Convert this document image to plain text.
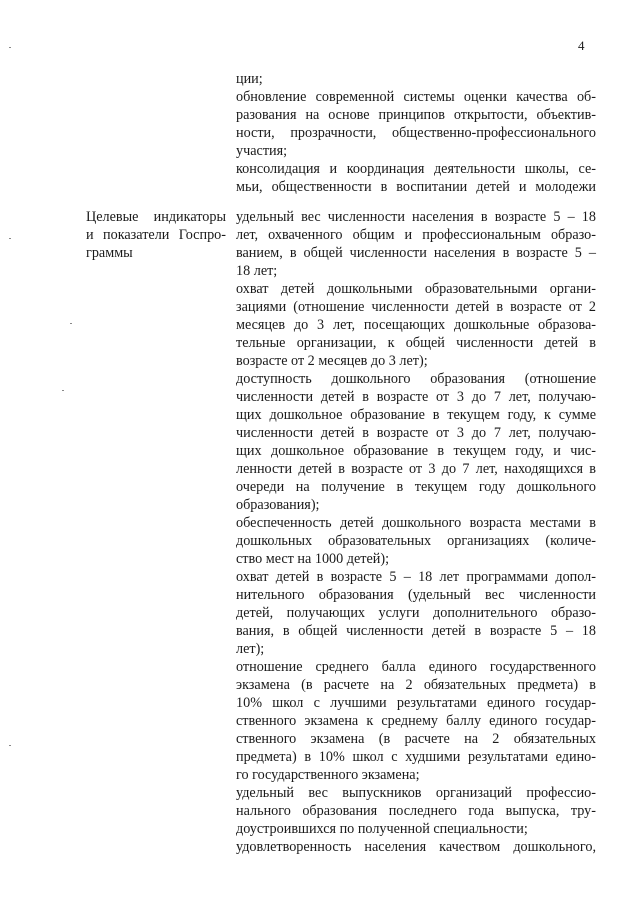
4
ции;
обновление современной системы оценки качества об-
разования на основе принципов открытости, объектив-
ности, прозрачности, общественно-профессионального
участия;
консолидация и координация деятельности школы, се-
мьи, общественности в воспитании детей и молодежи
Целевые индикаторы
и показатели Госпро-
граммы
удельный вес численности населения в возрасте 5 – 18
лет, охваченного общим и профессиональным образо-
ванием, в общей численности населения в возрасте 5 –
18 лет;
охват детей дошкольными образовательными органи-
зациями (отношение численности детей в возрасте от 2
месяцев до 3 лет, посещающих дошкольные образова-
тельные организации, к общей численности детей в
возрасте от 2 месяцев до 3 лет);
доступность дошкольного образования (отношение
численности детей в возрасте от 3 до 7 лет, получаю-
щих дошкольное образование в текущем году, к сумме
численности детей в возрасте от 3 до 7 лет, получаю-
щих дошкольное образование в текущем году, и чис-
ленности детей в возрасте от 3 до 7 лет, находящихся в
очереди на получение в текущем году дошкольного
образования);
обеспеченность детей дошкольного возраста местами в
дошкольных образовательных организациях (количе-
ство мест на 1000 детей);
охват детей в возрасте 5 – 18 лет программами допол-
нительного образования (удельный вес численности
детей, получающих услуги дополнительного образо-
вания, в общей численности детей в возрасте 5 – 18
лет);
отношение среднего балла единого государственного
экзамена (в расчете на 2 обязательных предмета) в
10% школ с лучшими результатами единого государ-
ственного экзамена к среднему баллу единого государ-
ственного экзамена (в расчете на 2 обязательных
предмета) в 10% школ с худшими результатами едино-
го государственного экзамена;
удельный вес выпускников организаций профессио-
нального образования последнего года выпуска, тру-
доустроившихся по полученной специальности;
удовлетворенность населения качеством дошкольного,
